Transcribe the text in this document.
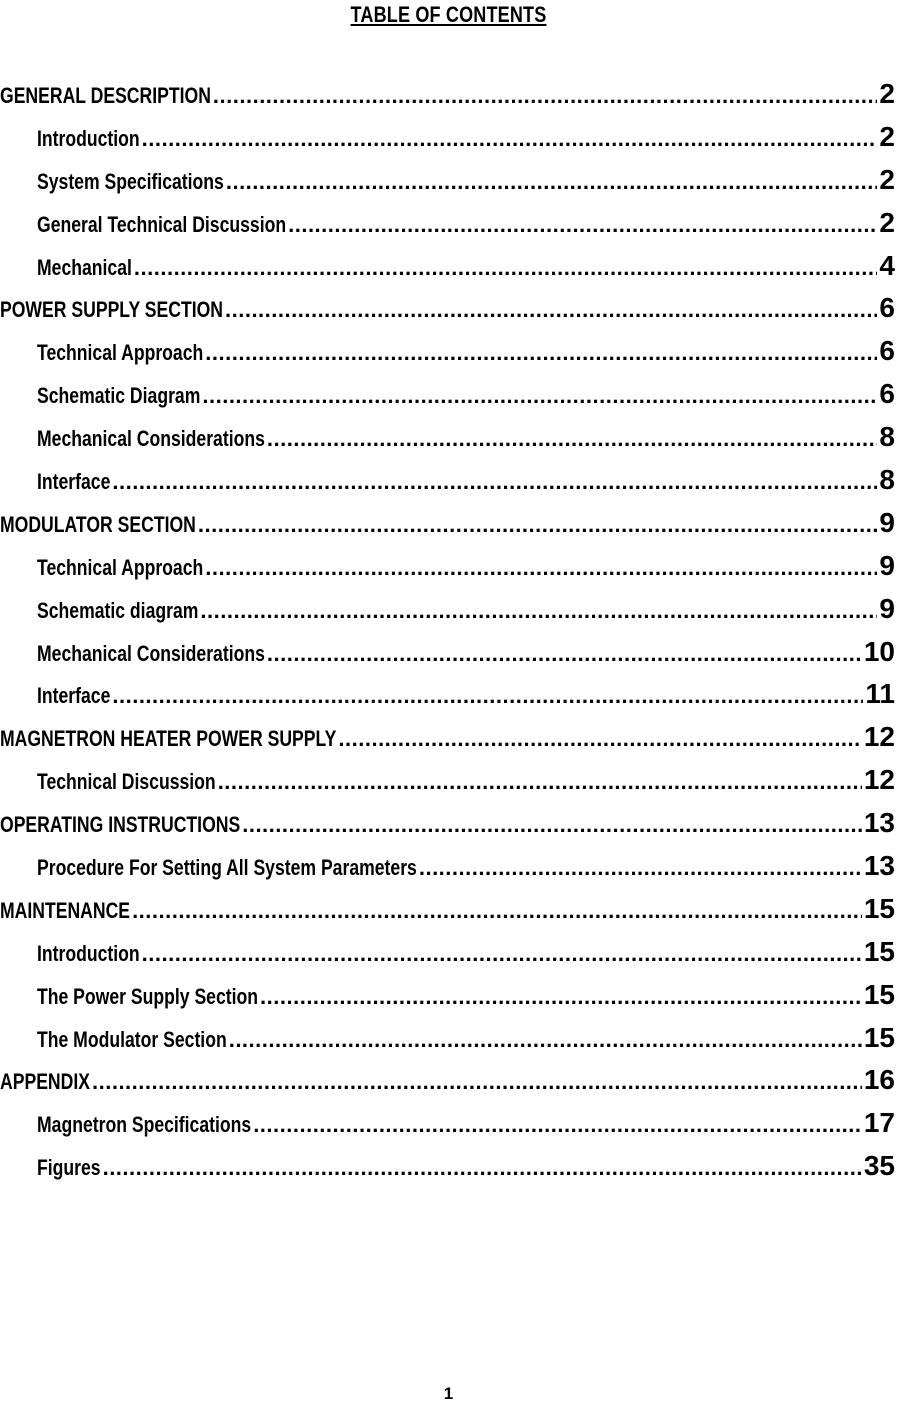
TABLE OF CONTENTS
GENERAL DESCRIPTION .....	2
Introduction .....	2
System Specifications .....	2
General Technical Discussion .....	2
Mechanical .....	4
POWER SUPPLY SECTION .....	6
Technical Approach .....	6
Schematic Diagram .....	6
Mechanical Considerations .....	8
Interface .....	8
MODULATOR SECTION .....	9
Technical Approach .....	9
Schematic diagram .....	9
Mechanical Considerations .....	10
Interface .....	11
MAGNETRON HEATER POWER SUPPLY .....	12
Technical Discussion .....	12
OPERATING INSTRUCTIONS .....	13
Procedure For Setting All System Parameters .....	13
MAINTENANCE .....	15
Introduction .....	15
The Power Supply Section .....	15
The Modulator Section .....	15
APPENDIX .....	16
Magnetron Specifications .....	17
Figures .....	35
1
